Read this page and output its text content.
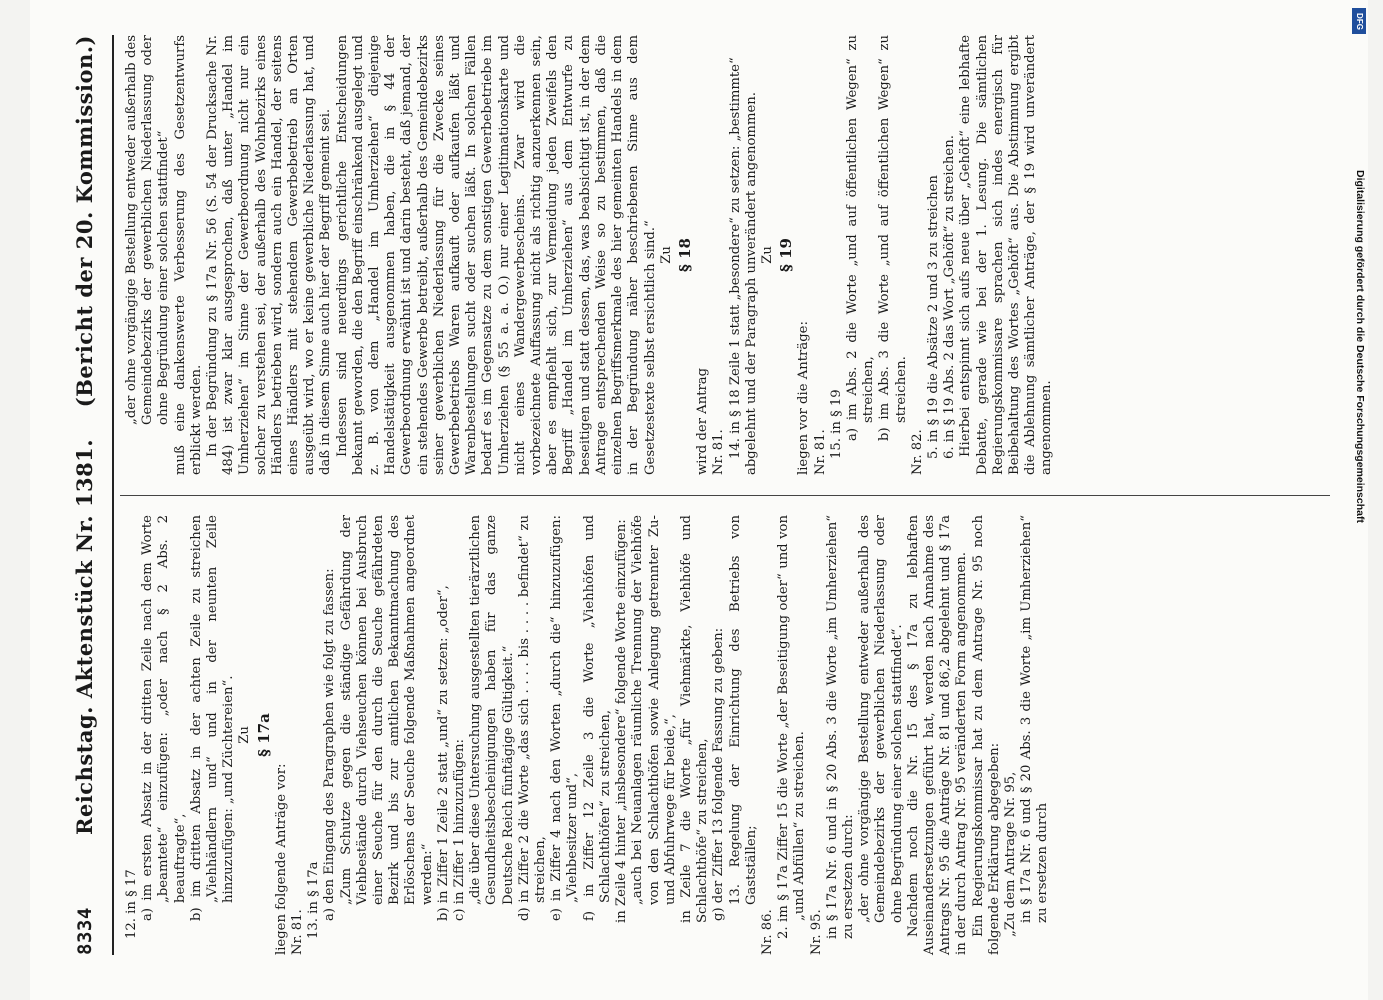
8334
Reichstag. Aktenstück Nr. 1381.
(Bericht der 20. Kommission.)

12. in § 17 a) im ersten Absatz in der dritten Zeile nach dem Worte „beamtete“ einzufügen: „oder nach § 2 Abs. 2 beauftragte“, b) im dritten Absatz in der achten Zeile zu streichen „Viehhändlern und“ und in der neunten Zeile hinzuzufügen: „und Züchtereien“. Zu § 17a

liegen folgende Anträge vor: Nr. 81. 13. in § 17a a) den Eingang des Paragraphen wie folgt zu fassen: „Zum Schutze gegen die ständige Gefährdung der Viehbestände durch Viehseuchen können bei Ausbruch einer Seuche für den durch die Seuche gefährdeten Bezirk und bis zur amtlichen Bekanntmachung des Erlöschens der Seuche folgende Maßnahmen angeordnet werden:“ b) in Ziffer 1 Zeile 2 statt „und“ zu setzen: „oder“, c) in Ziffer 1 hinzuzufügen: „die über diese Untersuchung ausgestellten tierärztlichen Gesundheitsbescheinigungen haben für das ganze Deutsche Reich fünftägige Gültigkeit.“ d) in Ziffer 2 die Worte „das sich . . . . bis . . . . befindet“ zu streichen, e) in Ziffer 4 nach den Worten „durch die“ hinzuzufügen: „Viehbesitzer und“, f) in Ziffer 12 Zeile 3 die Worte „Viehhöfen und Schlachthöfen“ zu streichen, in Zeile 4 hinter „insbesondere“ folgende Worte einzufügen: „auch bei Neuanlagen räumliche Trennung der Viehhöfe von den Schlachthöfen sowie Anlegung getrennter Zu- und Abfuhrwege für beide,“, in Zeile 7 die Worte „für Viehmärkte, Viehhöfe und Schlachthöfe“ zu streichen, g) der Ziffer 13 folgende Fassung zu geben: 13. Regelung der Einrichtung des Betriebs von Gastställen;

Nr. 86. 2. im § 17a Ziffer 15 die Worte „der Beseitigung oder“ und von „und Abfüllen“ zu streichen.

Nr. 95. in § 17a Nr. 6 und in § 20 Abs. 3 die Worte „im Umherziehen“ zu ersetzen durch: „der ohne vorgängige Bestellung entweder außerhalb des Gemeindebezirks der gewerblichen Niederlassung oder ohne Begründung einer solchen stattfindet“. Nachdem noch die Nr. 15 des § 17a zu lebhaften Auseinandersetzungen geführt hat, werden nach Annahme des Antrags Nr. 95 die Anträge Nr. 81 und 86,2 abgelehnt und § 17a in der durch Antrag Nr. 95 veränderten Form angenommen. Ein Regierungskommissar hat zu dem Antrage Nr. 95 noch folgende Erklärung abgegeben: „Zu dem Antrage Nr. 95, in § 17a Nr. 6 und § 20 Abs. 3 die Worte „im Umherziehen“ zu ersetzen durch

„der ohne vorgängige Bestellung entweder außerhalb des Gemeindebezirks der gewerblichen Niederlassung oder ohne Begründung einer solchen stattfindet“ muß eine dankenswerte Verbesserung des Gesetzentwurfs erblickt werden. In der Begründung zu § 17a Nr. 56 (S. 54 der Drucksache Nr. 484) ist zwar klar ausgesprochen, daß unter „Handel im Umherziehen“ im Sinne der Gewerbeordnung nicht nur ein solcher zu verstehen sei, der außerhalb des Wohnbezirks eines Händlers betrieben wird, sondern auch ein Handel, der seitens eines Händlers mit stehendem Gewerbebetrieb an Orten ausgeübt wird, wo er keine gewerbliche Niederlassung hat, und daß in diesem Sinne auch hier der Begriff gemeint sei. Indessen sind neuerdings gerichtliche Entscheidungen bekannt geworden, die den Begriff einschränkend ausgelegt und z. B. von dem „Handel im Umherziehen“ diejenige Handelstätigkeit ausgenommen haben, die in § 44 der Gewerbeordnung erwähnt ist und darin besteht, daß jemand, der ein stehendes Gewerbe betreibt, außerhalb des Gemeindebezirks seiner gewerblichen Niederlassung für die Zwecke seines Gewerbebetriebs Waren aufkauft oder aufkaufen läßt und Warenbestellungen sucht oder suchen läßt. In solchen Fällen bedarf es im Gegensatze zu dem sonstigen Gewerbebetriebe im Umherziehen (§ 55 a. a. O.) nur einer Legitimationskarte und nicht eines Wandergewerbescheins. Zwar wird die vorbezeichnete Auffassung nicht als richtig anzuerkennen sein, aber es empfiehlt sich, zur Vermeidung jeden Zweifels den Begriff „Handel im Umherziehen“ aus dem Entwurfe zu beseitigen und statt dessen, das, was beabsichtigt ist, in der dem Antrage entsprechenden Weise so zu bestimmen, daß die einzelnen Begriffsmerkmale des hier gemeinten Handels in dem in der Begründung näher beschriebenen Sinne aus dem Gesetzestexte selbst ersichtlich sind.“ Zu § 18

wird der Antrag Nr. 81. 14. in § 18 Zeile 1 statt „besondere“ zu setzen: „bestimmte“ abgelehnt und der Paragraph unverändert angenommen. Zu § 19

liegen vor die Anträge: Nr. 81. 15. in § 19 a) im Abs. 2 die Worte „und auf öffentlichen Wegen“ zu streichen, b) im Abs. 3 die Worte „und auf öffentlichen Wegen“ zu streichen.

Nr. 82. 5. in § 19 die Absätze 2 und 3 zu streichen 6. in § 19 Abs. 2 das Wort „Gehöft“ zu streichen. Hierbei entspinnt sich aufs neue über „Gehöft“ eine lebhafte Debatte, gerade wie bei der 1. Lesung. Die sämtlichen Regierungskommissare sprachen sich indes energisch für Beibehaltung des Wortes „Gehöft“ aus. Die Abstimmung ergibt die Ablehnung sämtlicher Anträge, der § 19 wird unverändert angenommen.

DFG
Digitalisierung gefördert durch die Deutsche Forschungsgemeinschaft
